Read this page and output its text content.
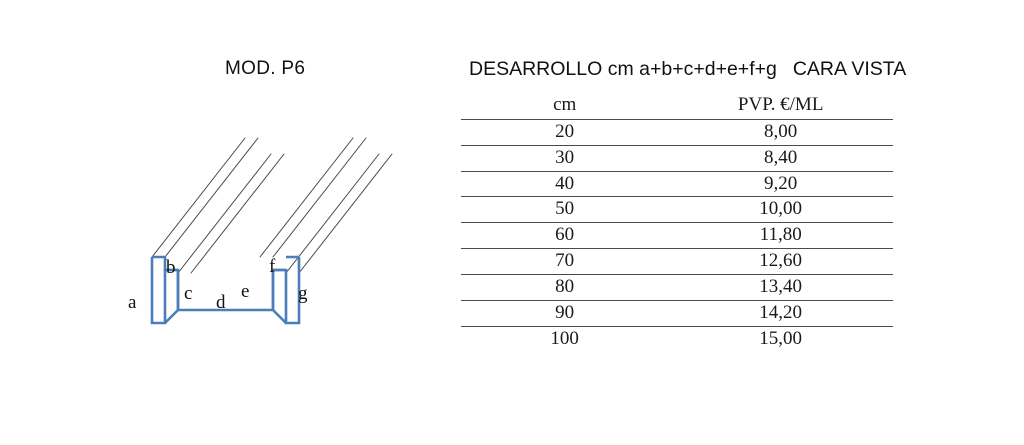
MOD. P6
a
b
c d
e
f
g
DESARROLLO cm a+b+c+d+e+f+g CARA VISTA
cm	PVP. €/ML
20	8,00
30	8,40
40	9,20
50	10,00
60	11,80
70	12,60
80	13,40
90	14,20
100	15,00
